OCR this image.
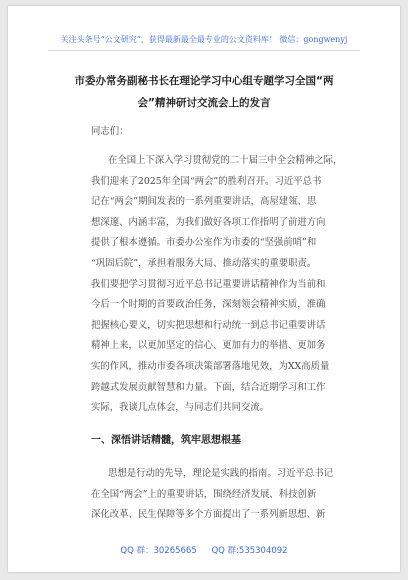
关注头条号“公文研究”，获得最新最全最专业的公文资料库！ 微信：gongwenyj
市委办常务副秘书长在理论学习中心组专题学习全国“两
会”精神研讨交流会上的发言
同志们：
在全国上下深入学习贯彻党的二十届三中全会精神之际，
我们迎来了2025年全国“两会”的胜利召开。习近平总书
记在“两会”期间发表的一系列重要讲话，高屋建瓴、思
想深邃、内涵丰富，为我们做好各项工作指明了前进方向
提供了根本遵循。市委办公室作为市委的“坚强前哨”和
“巩固后院”，承担着服务大局、推动落实的重要职责。
我们要把学习贯彻习近平总书记重要讲话精神作为当前和
今后一个时期的首要政治任务，深刻领会精神实质，准确
把握核心要义，切实把思想和行动统一到总书记重要讲话
精神上来，以更加坚定的信心、更加有力的举措、更加务
实的作风，推动市委各项决策部署落地见效，为XX高质量
跨越式发展贡献智慧和力量。下面，结合近期学习和工作
实际，我谈几点体会，与同志们共同交流。
一、深悟讲话精髓，筑牢思想根基
思想是行动的先导，理论是实践的指南。习近平总书记
在全国“两会”上的重要讲话，围绕经济发展、科技创新
深化改革、民生保障等多个方面提出了一系列新思想、新
QQ 群：30265665 QQ 群:535304092
